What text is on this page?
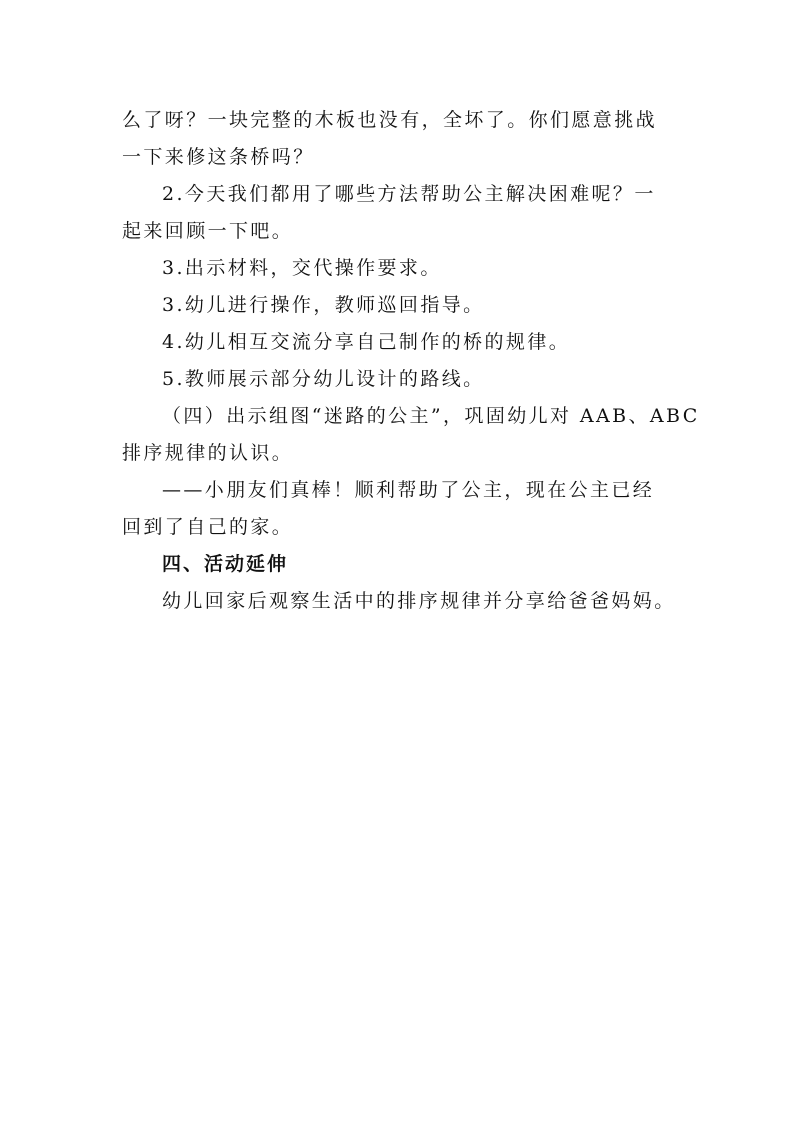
么了呀？一块完整的木板也没有，全坏了。你们愿意挑战
一下来修这条桥吗？
2.今天我们都用了哪些方法帮助公主解决困难呢？一
起来回顾一下吧。
3.出示材料，交代操作要求。
3.幼儿进行操作，教师巡回指导。
4.幼儿相互交流分享自己制作的桥的规律。
5.教师展示部分幼儿设计的路线。
（四）出示组图“迷路的公主”，巩固幼儿对 AAB、ABC
排序规律的认识。
——小朋友们真棒！顺利帮助了公主，现在公主已经
回到了自己的家。
四、活动延伸
幼儿回家后观察生活中的排序规律并分享给爸爸妈妈。
